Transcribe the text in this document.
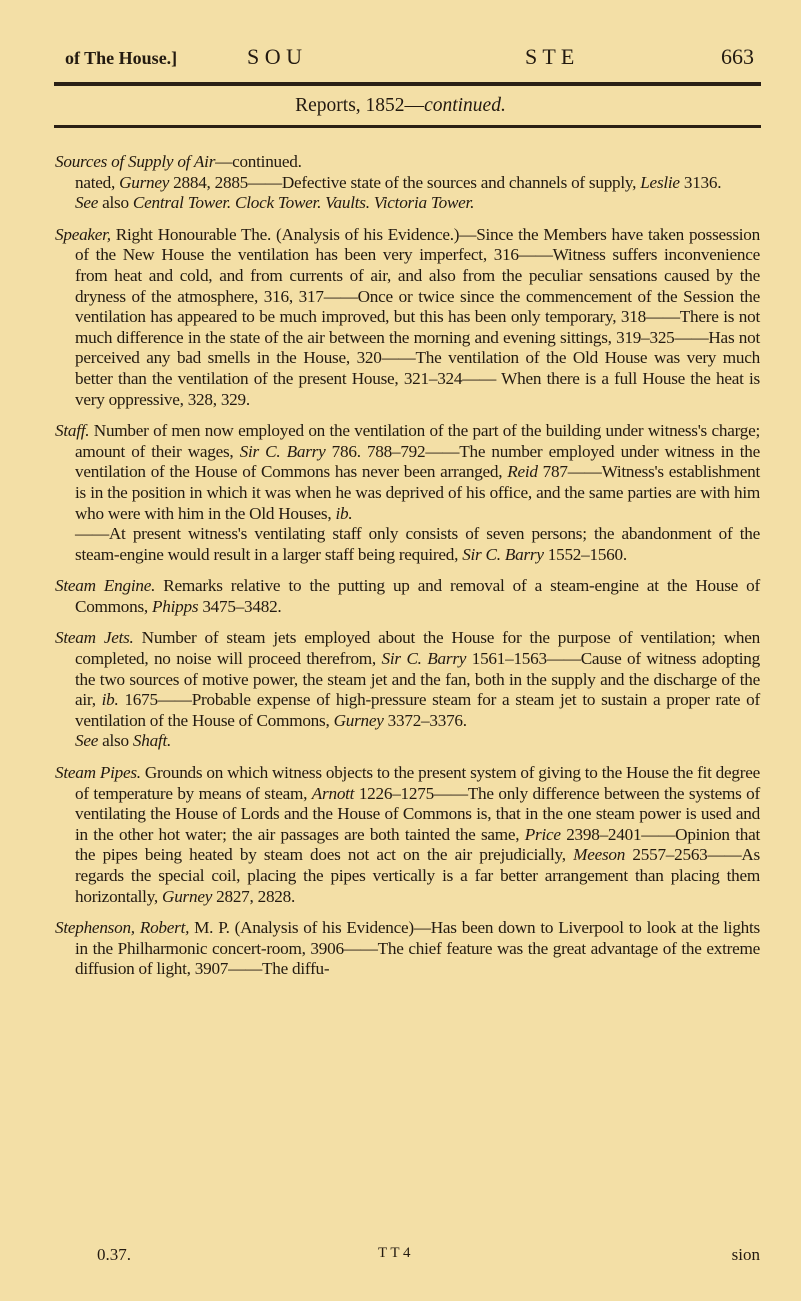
of The House.]	S O U	S T E	663
Reports, 1852—continued.

Sources of Supply of Air—continued.

nated, Gurney 2884, 2885——Defective state of the sources and channels of supply, Leslie 3136.

See also Central Tower. Clock Tower. Vaults. Victoria Tower.

Speaker, Right Honourable The. (Analysis of his Evidence.)—Since the Members have taken possession of the New House the ventilation has been very imperfect, 316——Witness suffers inconvenience from heat and cold, and from currents of air, and also from the peculiar sensations caused by the dryness of the atmosphere, 316, 317——Once or twice since the commencement of the Session the ventilation has appeared to be much improved, but this has been only temporary, 318——There is not much difference in the state of the air between the morning and evening sittings, 319–325——Has not perceived any bad smells in the House, 320——The ventilation of the Old House was very much better than the ventilation of the present House, 321–324—— When there is a full House the heat is very oppressive, 328, 329.

Staff. Number of men now employed on the ventilation of the part of the building under witness's charge; amount of their wages, Sir C. Barry 786. 788–792——The number employed under witness in the ventilation of the House of Commons has never been arranged, Reid 787——Witness's establishment is in the position in which it was when he was deprived of his office, and the same parties are with him who were with him in the Old Houses, ib.

——At present witness's ventilating staff only consists of seven persons; the abandonment of the steam-engine would result in a larger staff being required, Sir C. Barry 1552–1560.

Steam Engine. Remarks relative to the putting up and removal of a steam-engine at the House of Commons, Phipps 3475–3482.

Steam Jets. Number of steam jets employed about the House for the purpose of ventilation; when completed, no noise will proceed therefrom, Sir C. Barry 1561–1563——Cause of witness adopting the two sources of motive power, the steam jet and the fan, both in the supply and the discharge of the air, ib. 1675——Probable expense of high-pressure steam for a steam jet to sustain a proper rate of ventilation of the House of Commons, Gurney 3372–3376.

See also Shaft.

Steam Pipes. Grounds on which witness objects to the present system of giving to the House the fit degree of temperature by means of steam, Arnott 1226–1275——The only difference between the systems of ventilating the House of Lords and the House of Commons is, that in the one steam power is used and in the other hot water; the air passages are both tainted the same, Price 2398–2401——Opinion that the pipes being heated by steam does not act on the air prejudicially, Meeson 2557–2563——As regards the special coil, placing the pipes vertically is a far better arrangement than placing them horizontally, Gurney 2827, 2828.

Stephenson, Robert, M. P. (Analysis of his Evidence)—Has been down to Liverpool to look at the lights in the Philharmonic concert-room, 3906——The chief feature was the great advantage of the extreme diffusion of light, 3907——The diffu-

0.37.	T T 4	sion
